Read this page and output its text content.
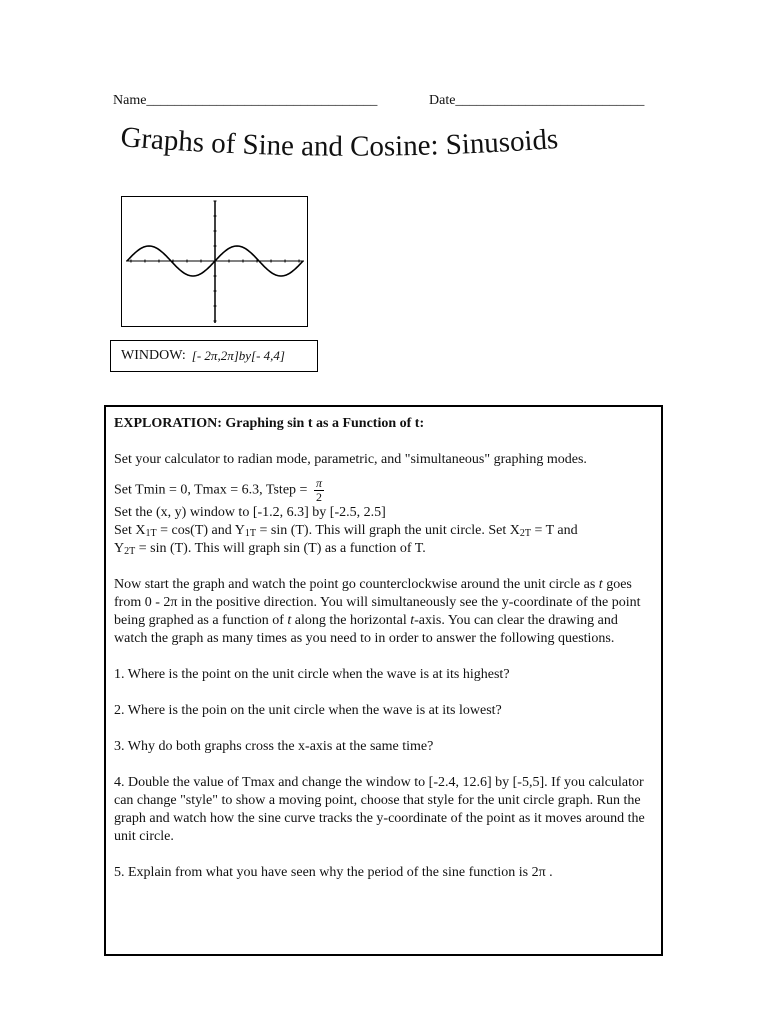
Name_________________________________	Date___________________________
Graphs of Sine and Cosine: Sinusoids
WINDOW: [- 2π,2π]by[- 4,4]

EXPLORATION: Graphing sin t as a Function of t:

Set your calculator to radian mode, parametric, and "simultaneous" graphing modes.

Set Tmin = 0, Tmax = 6.3, Tstep = $\frac{\pi}{2}$

Set the (x, y) window to [-1.2, 6.3] by [-2.5, 2.5]

Set $X_{1T} = \cos(T)$ and $Y_{1T} = \sin (T)$. This will graph the unit circle. Set $X_{2T} = T$ and
$Y_{2T} = \sin (T)$. This will graph sin (T) as a function of T.

Now start the graph and watch the point go counterclockwise around the unit circle as t goes from 0 - 2π in the positive direction. You will simultaneously see the y-coordinate of the point being graphed as a function of t along the horizontal t-axis. You can clear the drawing and watch the graph as many times as you need to in order to answer the following questions.

1. Where is the point on the unit circle when the wave is at its highest?

2. Where is the poin on the unit circle when the wave is at its lowest?

3. Why do both graphs cross the x-axis at the same time?

4. Double the value of Tmax and change the window to [-2.4, 12.6] by [-5,5]. If you calculator can change "style" to show a moving point, choose that style for the unit circle graph. Run the graph and watch how the sine curve tracks the y-coordinate of the point as it moves around the unit circle.

5. Explain from what you have seen why the period of the sine function is 2π .
